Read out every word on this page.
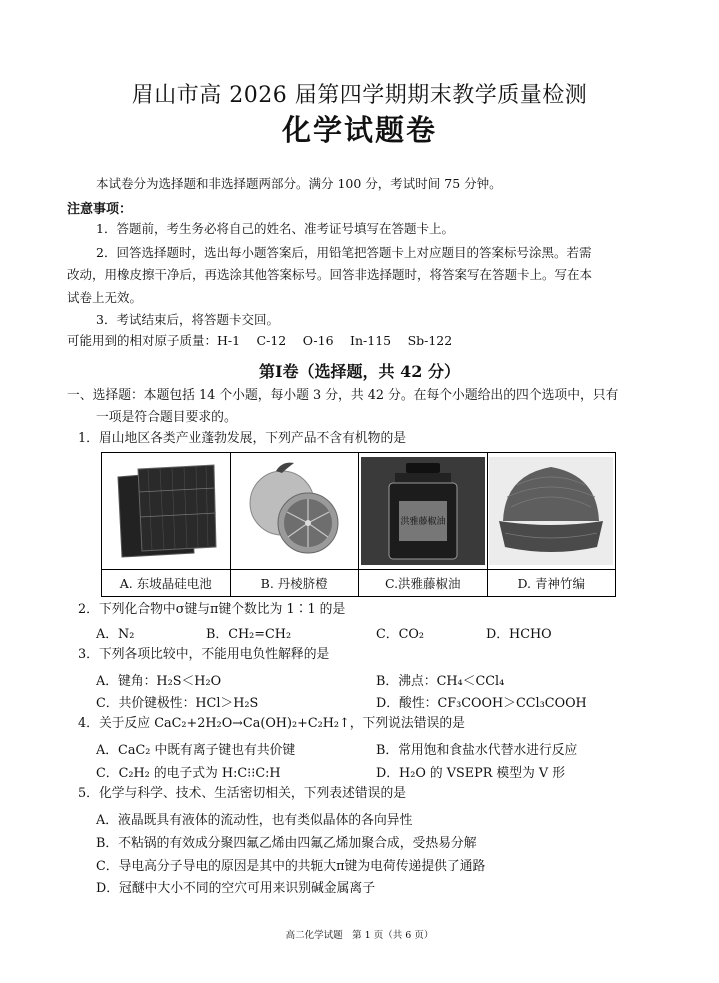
眉山市高 2026 届第四学期期末教学质量检测
化学试题卷
本试卷分为选择题和非选择题两部分。满分 100 分，考试时间 75 分钟。
注意事项：
1．答题前，考生务必将自己的姓名、准考证号填写在答题卡上。
2．回答选择题时，选出每小题答案后，用铅笔把答题卡上对应题目的答案标号涂黑。若需
改动，用橡皮擦干净后，再选涂其他答案标号。回答非选择题时，将答案写在答题卡上。写在本
试卷上无效。
3．考试结束后，将答题卡交回。
可能用到的相对原子质量：H-1　 C-12　 O-16　 In-115　 Sb-122
第Ⅰ卷（选择题，共 42 分）
一、选择题：本题包括 14 个小题，每小题 3 分，共 42 分。在每个小题给出的四个选项中，只有
一项是符合题目要求的。
1．眉山地区各类产业蓬勃发展，下列产品不含有机物的是

洪雅藤椒油

A. 东坡晶硅电池	B. 丹棱脐橙	C.洪雅藤椒油	D. 青神竹编
2．下列化合物中σ键与π键个数比为 1∶1 的是
A．N₂	B．CH₂=CH₂	C．CO₂	D．HCHO
3．下列各项比较中，不能用电负性解释的是
A．键角：H₂S＜H₂O	B．沸点：CH₄＜CCl₄
C．共价键极性：HCl＞H₂S	D．酸性：CF₃COOH＞CCl₃COOH
4．关于反应 CaC₂+2H₂O→Ca(OH)₂+C₂H₂↑，下列说法错误的是
A．CaC₂ 中既有离子键也有共价键	B．常用饱和食盐水代替水进行反应
C．C₂H₂ 的电子式为 H:C⁝⁝C:H	D．H₂O 的 VSEPR 模型为 V 形
5．化学与科学、技术、生活密切相关，下列表述错误的是
A．液晶既具有液体的流动性，也有类似晶体的各向异性
B．不粘锅的有效成分聚四氟乙烯由四氟乙烯加聚合成，受热易分解
C．导电高分子导电的原因是其中的共轭大π键为电荷传递提供了通路
D．冠醚中大小不同的空穴可用来识别碱金属离子
高二化学试题　第 1 页（共 6 页）
